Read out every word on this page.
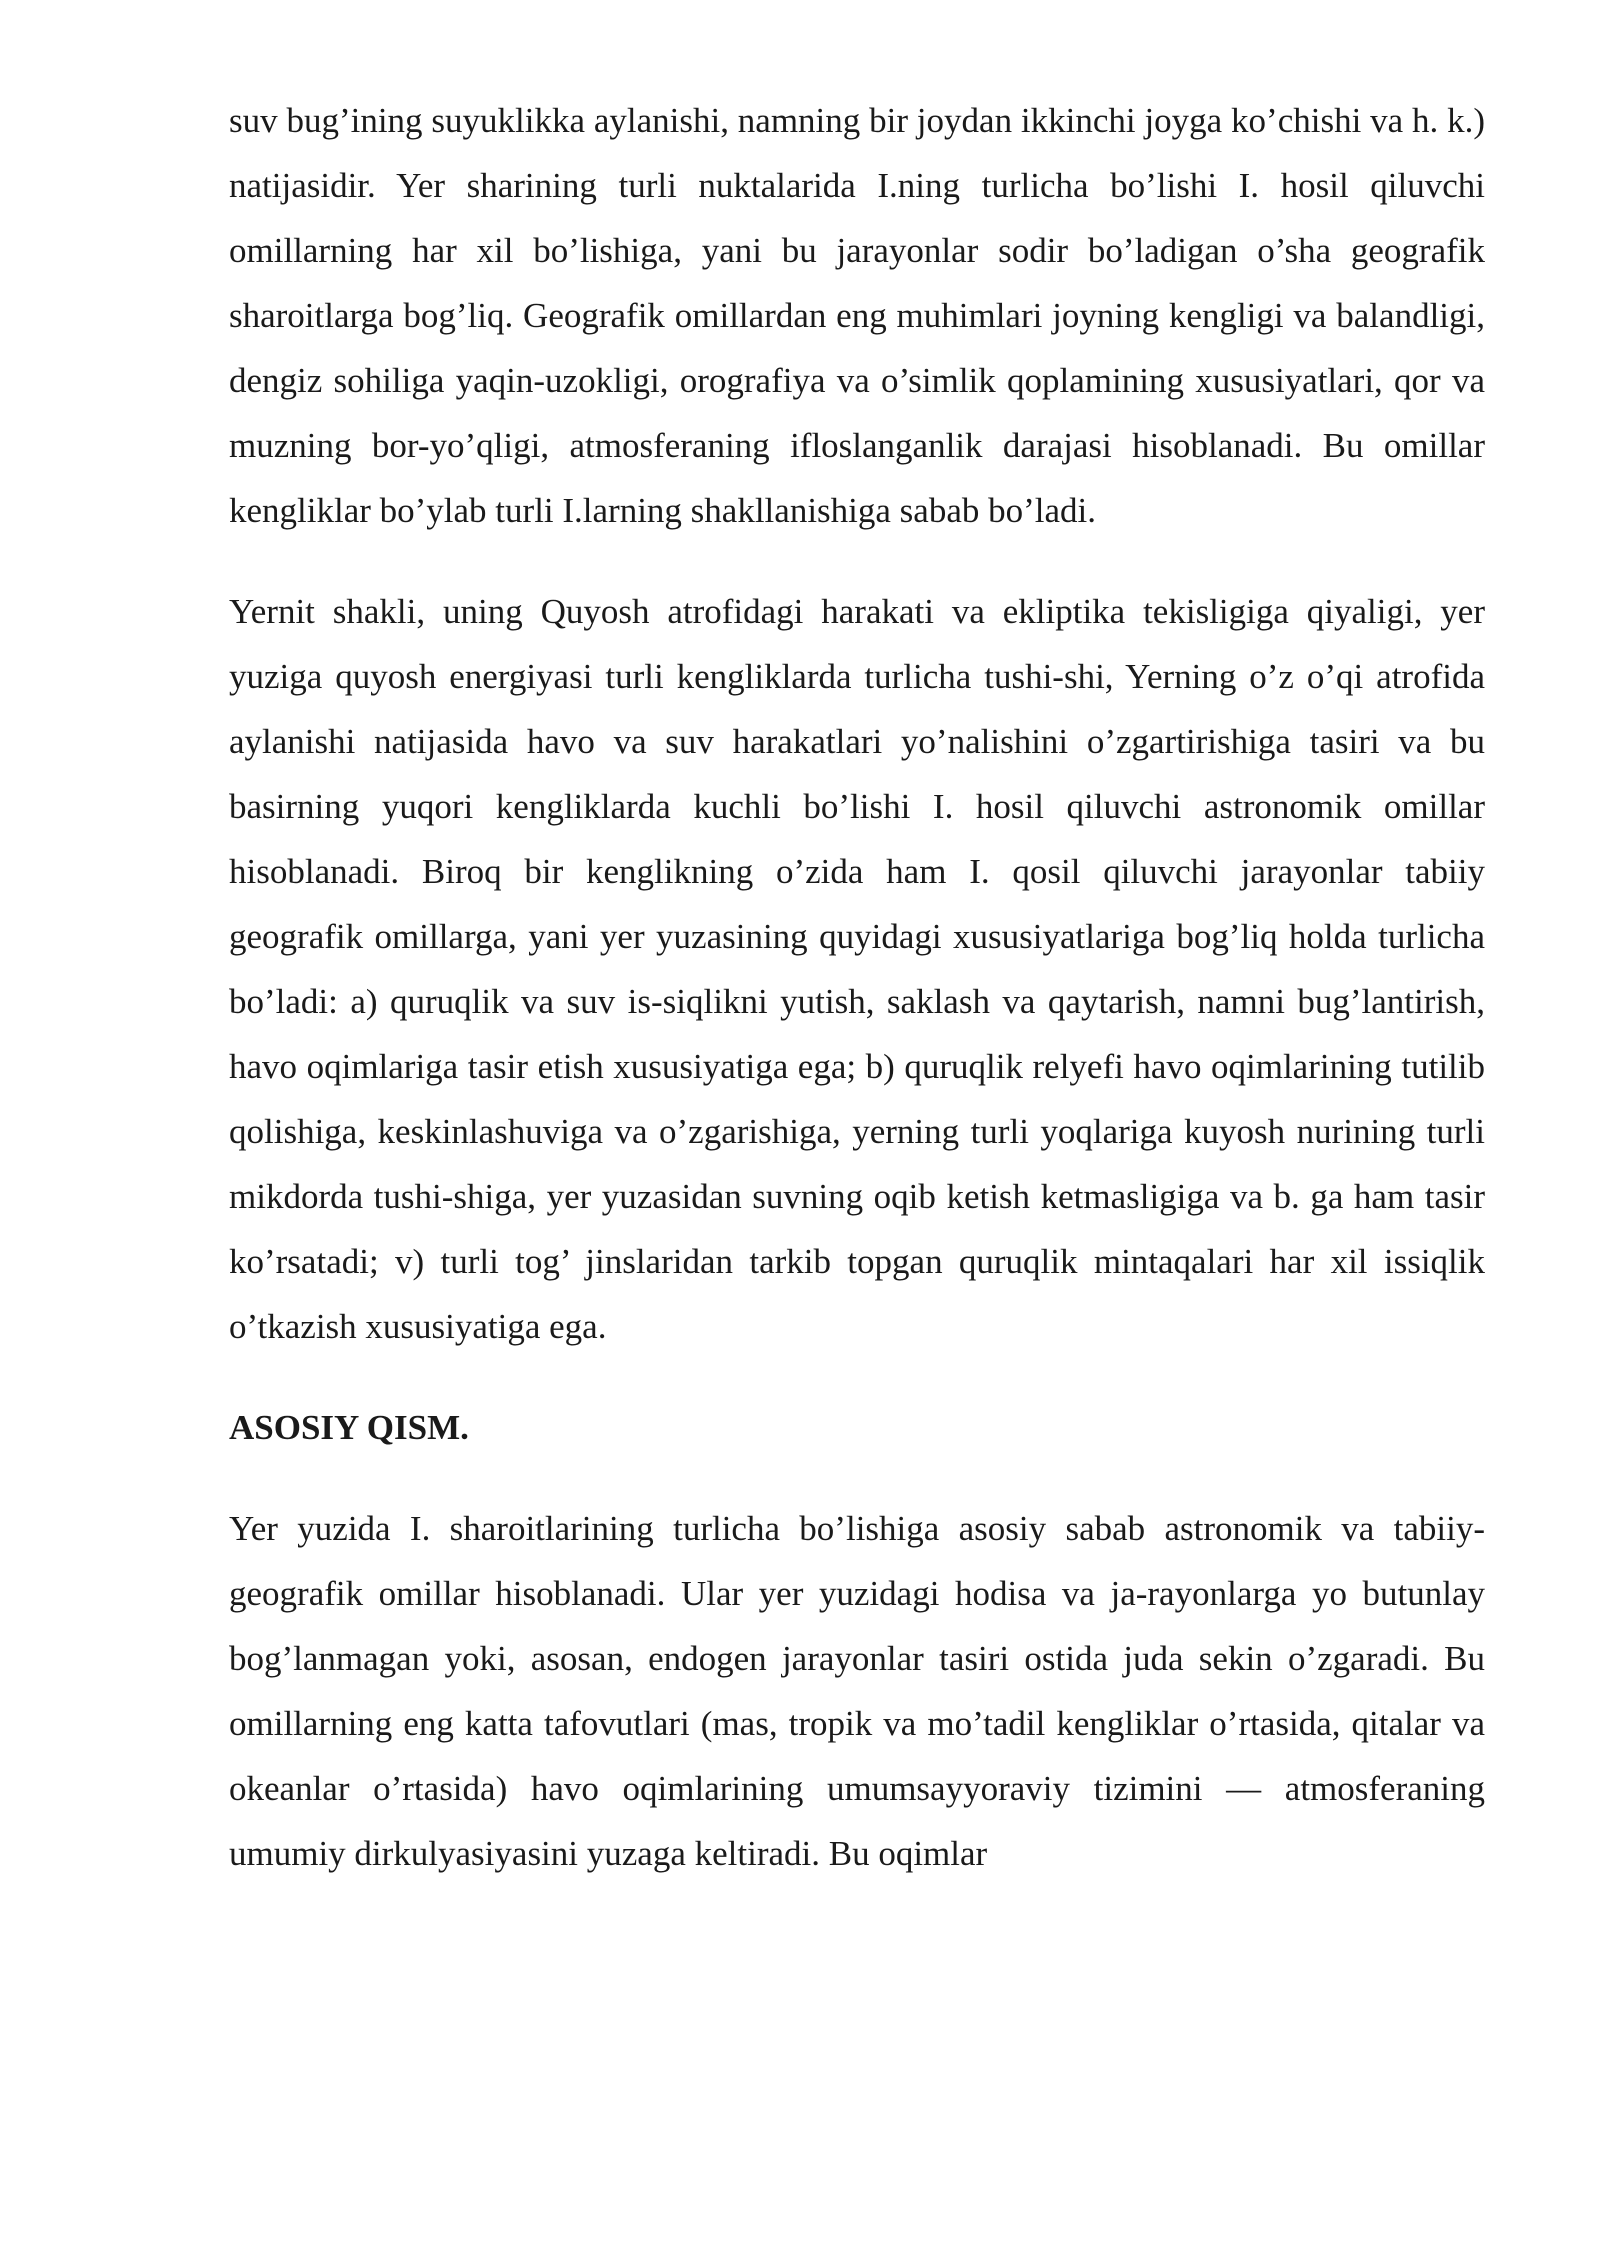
suv bug’ining suyuklikka aylanishi, namning bir joydan ikkinchi joyga ko’chishi va h. k.) natijasidir. Yer sharining turli nuktalarida I.ning turlicha bo’lishi I. hosil qiluvchi omillarning har xil bo’lishiga, yani bu jarayonlar sodir bo’ladigan o’sha geografik sharoitlarga bog’liq. Geografik omillardan eng muhimlari joyning kengligi va balandligi, dengiz sohiliga yaqin-uzokligi, orografiya va o’simlik qoplamining xususiyatlari, qor va muzning bor-yo’qligi, atmosferaning ifloslanganlik darajasi hisoblanadi. Bu omillar kengliklar bo’ylab turli I.larning shakllanishiga sabab bo’ladi.

Yernit shakli, uning Quyosh atrofidagi harakati va ekliptika tekisligiga qiyaligi, yer yuziga quyosh energiyasi turli kengliklarda turlicha tushi-shi, Yerning o’z o’qi atrofida aylanishi natijasida havo va suv harakatlari yo’nalishini o’zgartirishiga tasiri va bu basirning yuqori kengliklarda kuchli bo’lishi I. hosil qiluvchi astronomik omillar hisoblanadi. Biroq bir kenglikning o’zida ham I. qosil qiluvchi jarayonlar tabiiy geografik omillarga, yani yer yuzasining quyidagi xususiyatlariga bog’liq holda turlicha bo’ladi: a) quruqlik va suv is-siqlikni yutish, saklash va qaytarish, namni bug’lantirish, havo oqimlariga tasir etish xususiyatiga ega; b) quruqlik relyefi havo oqimlarining tutilib qolishiga, keskinlashuviga va o’zgarishiga, yerning turli yoqlariga kuyosh nurining turli mikdorda tushi-shiga, yer yuzasidan suvning oqib ketish ketmasligiga va b. ga ham tasir ko’rsatadi; v) turli tog’ jinslaridan tarkib topgan quruqlik mintaqalari har xil issiqlik o’tkazish xususiyatiga ega.

ASOSIY QISM.

Yer yuzida I. sharoitlarining turlicha bo’lishiga asosiy sabab astronomik va tabiiy-geografik omillar hisoblanadi. Ular yer yuzidagi hodisa va ja-rayonlarga yo butunlay bog’lanmagan yoki, asosan, endogen jarayonlar tasiri ostida juda sekin o’zgaradi. Bu omillarning eng katta tafovutlari (mas, tropik va mo’tadil kengliklar o’rtasida, qitalar va okeanlar o’rtasida) havo oqimlarining umumsayyoraviy tizimini — atmosferaning umumiy dirkulyasiyasini yuzaga keltiradi. Bu oqimlar
